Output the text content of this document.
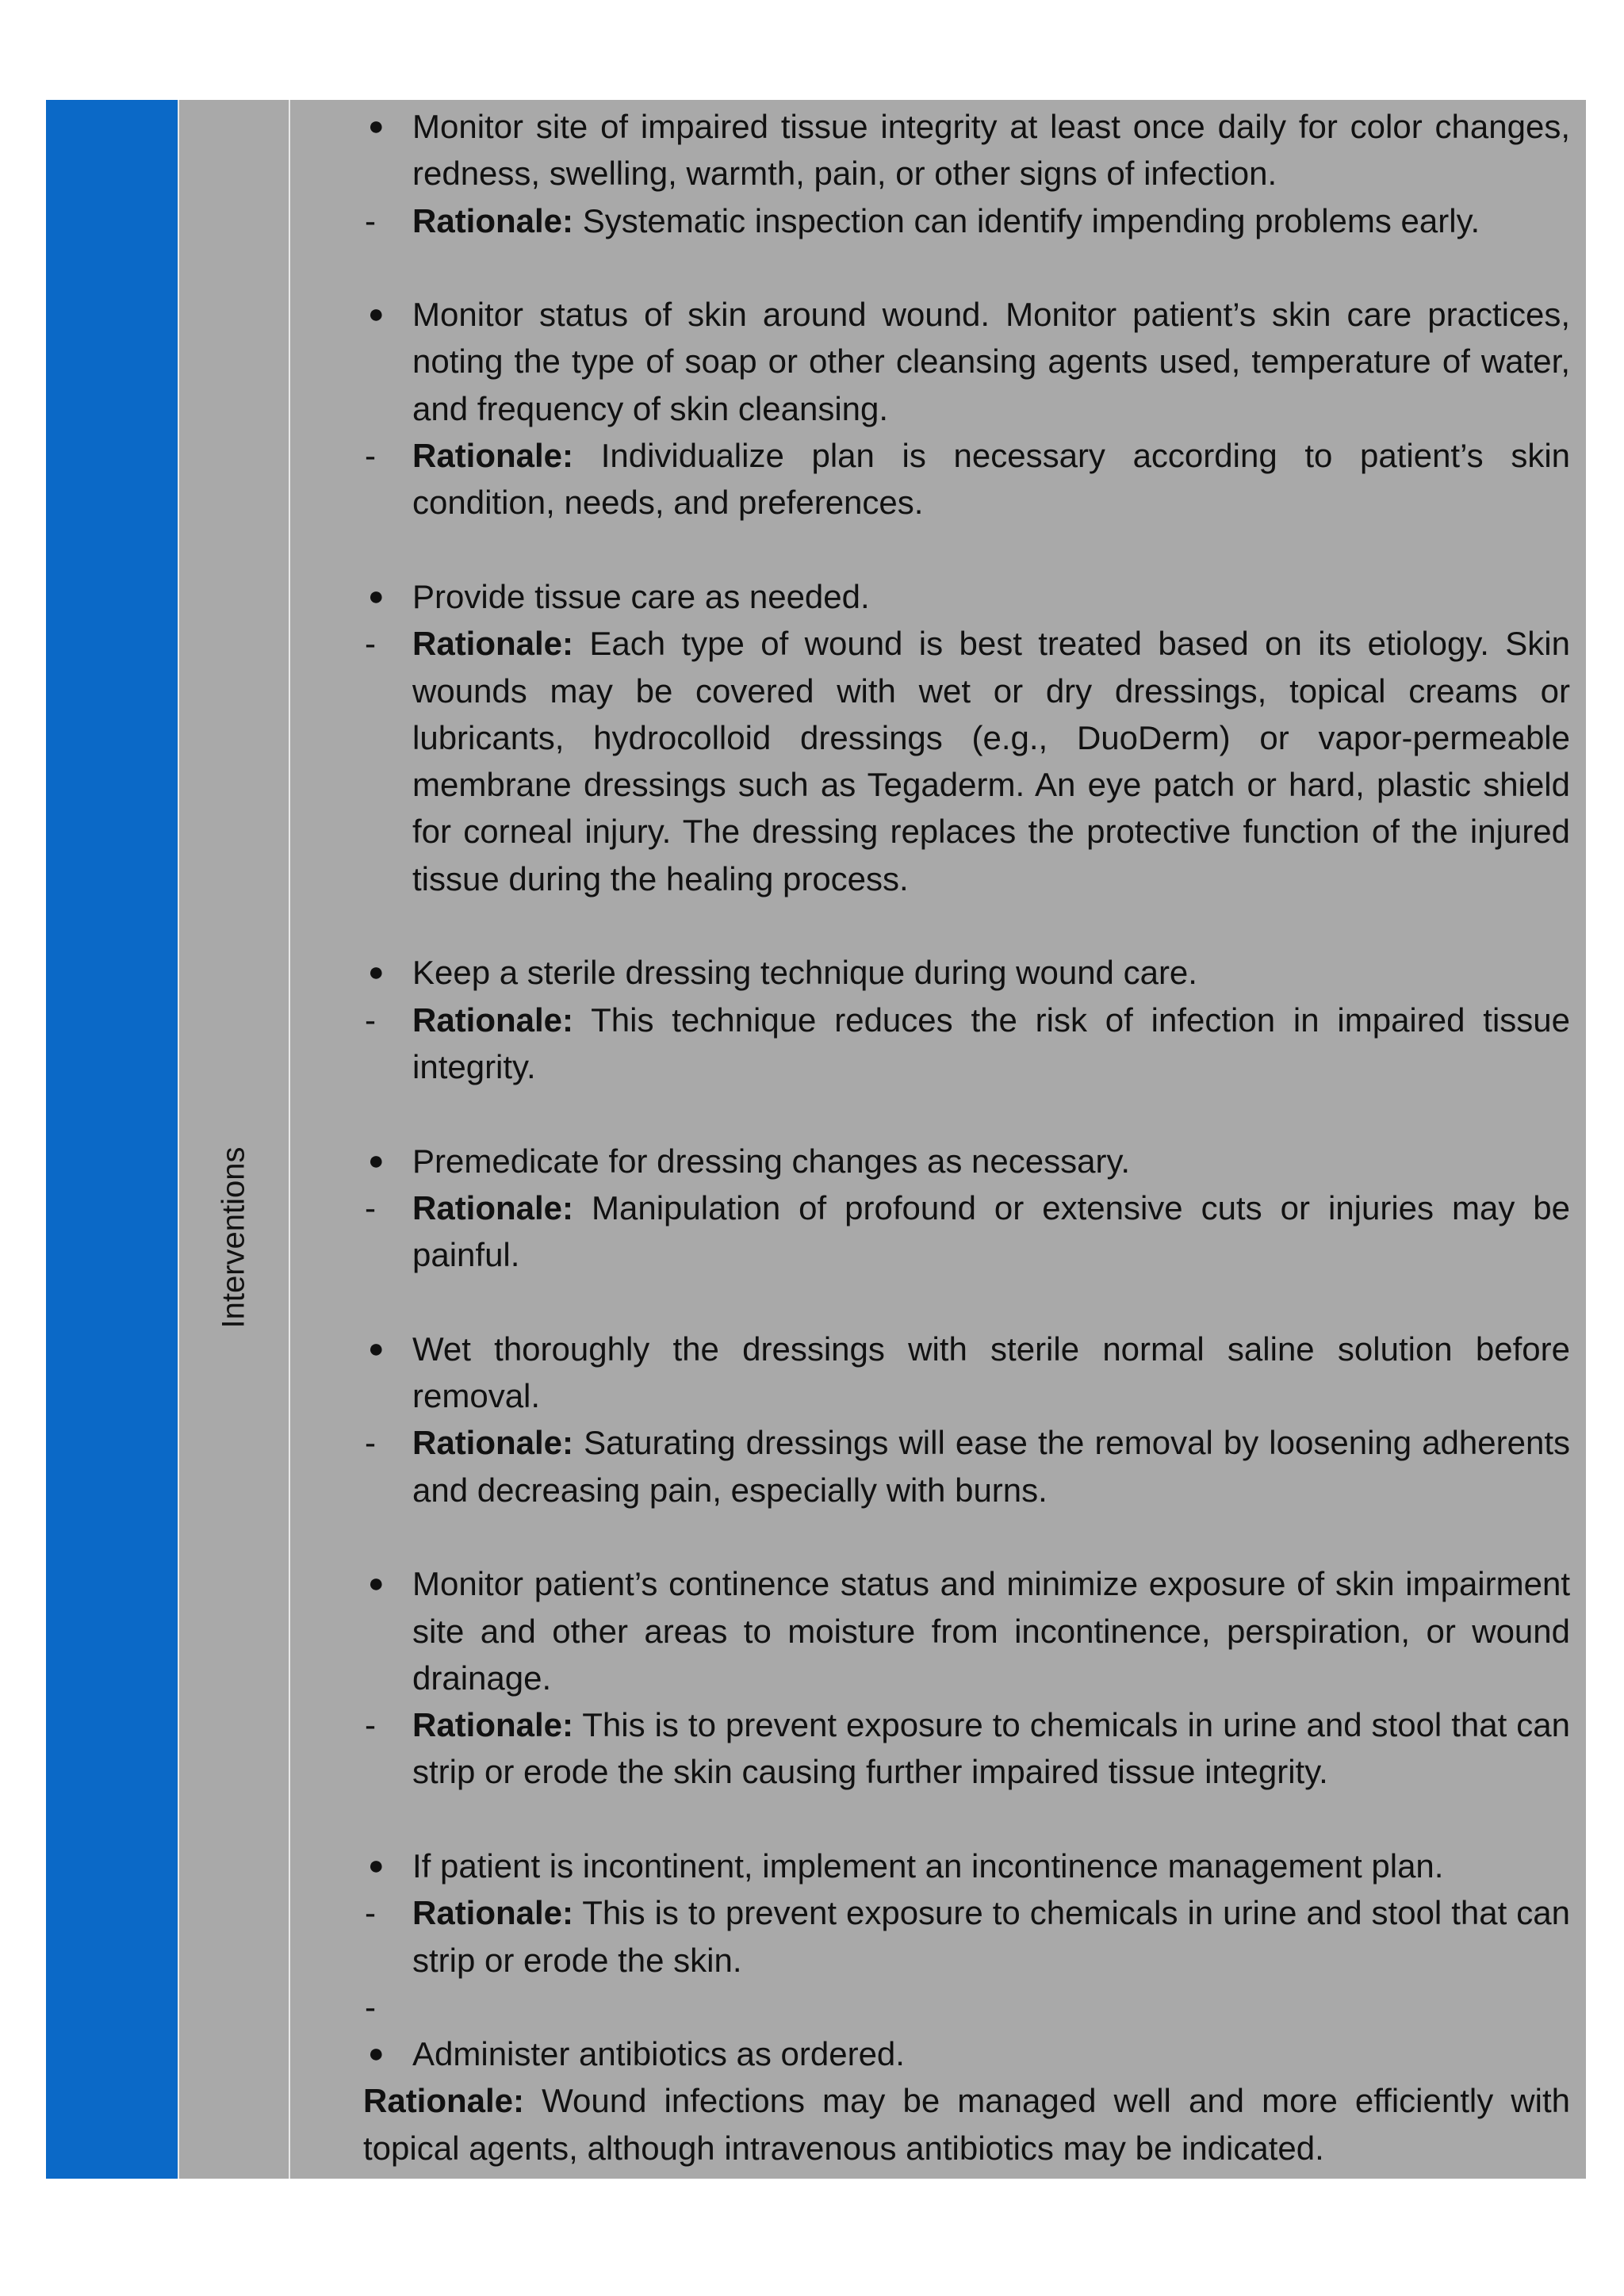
Interventions
● Monitor site of impaired tissue integrity at least once daily for color changes, redness, swelling, warmth, pain, or other signs of infection.
-	Rationale: Systematic inspection can identify impending problems early.
● Monitor status of skin around wound. Monitor patient’s skin care practices, noting the type of soap or other cleansing agents used, temperature of water, and frequency of skin cleansing.
-	Rationale: Individualize plan is necessary according to patient’s skin condition, needs, and preferences.
● Provide tissue care as needed.
-	Rationale: Each type of wound is best treated based on its etiology. Skin wounds may be covered with wet or dry dressings, topical creams or lubricants, hydrocolloid dressings (e.g., DuoDerm) or vapor-permeable membrane dressings such as Tegaderm. An eye patch or hard, plastic shield for corneal injury. The dressing replaces the protective function of the injured tissue during the healing process.
● Keep a sterile dressing technique during wound care.
-	Rationale: This technique reduces the risk of infection in impaired tissue integrity.
● Premedicate for dressing changes as necessary.
-	Rationale: Manipulation of profound or extensive cuts or injuries may be painful.
● Wet thoroughly the dressings with sterile normal saline solution before removal.
-	Rationale: Saturating dressings will ease the removal by loosening adherents and decreasing pain, especially with burns.
● Monitor patient’s continence status and minimize exposure of skin impairment site and other areas to moisture from incontinence, perspiration, or wound drainage.
-	Rationale: This is to prevent exposure to chemicals in urine and stool that can strip or erode the skin causing further impaired tissue integrity.
● If patient is incontinent, implement an incontinence management plan.
-	Rationale: This is to prevent exposure to chemicals in urine and stool that can strip or erode the skin.
-

● Administer antibiotics as ordered.
Rationale: Wound infections may be managed well and more efficiently with topical agents, although intravenous antibiotics may be indicated.
